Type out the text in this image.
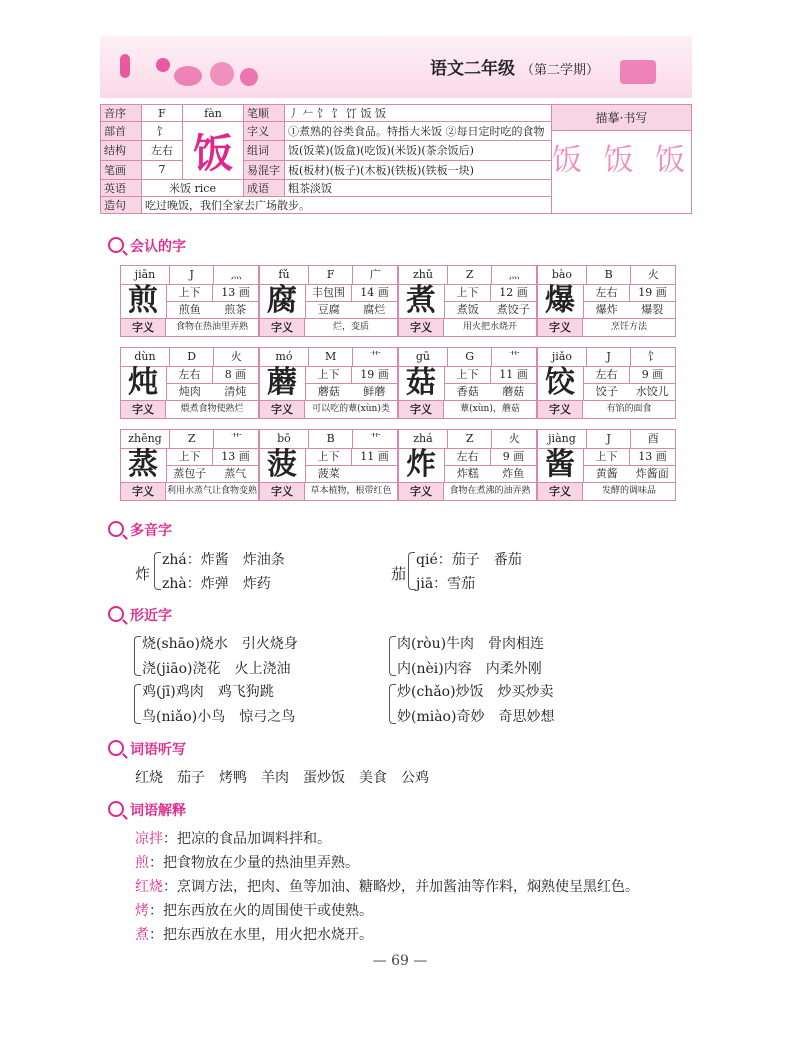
语文二年级 （第二学期）
音序	F	fàn	笔顺	丿 𠂉 饣 饣 饤 饭 饭	描摹·书写
饭 饭 饭

部首	饣	饭	字义	①煮熟的谷类食品。特指大米饭 ②每日定时吃的食物	
结构	左右		组词	饭(饭菜)(饭盒)(吃饭)(米饭)(茶余饭后)	
笔画	7		易混字	板(板材)(板子)(木板)(铁板)(铁板一块)	
英语	米饭 rice		成语	粗茶淡饭	
造句	吃过晚饭，我们全家去广场散步。				
会认的字
jiān	J	灬
煎	上下	13 画
煎鱼	煎茶
字义	食物在热油里弄熟
fǔ	F	广
腐	丰包围	14 画
豆腐	腐烂
字义	烂，变质
zhǔ	Z	灬
煮	上下	12 画
煮饭	煮饺子
字义	用火把水烧开
bào	B	火
爆	左右	19 画
爆炸	爆裂
字义	烹饪方法
dùn	D	火
炖	左右	8 画
炖肉	清炖
字义	煨煮食物使熟烂
mó	M	艹
蘑	上下	19 画
蘑菇	鲜蘑
字义	可以吃的蕈(xùn)类
gū	G	艹
菇	上下	11 画
香菇	蘑菇
字义	蕈(xùn)，蘑菇
jiǎo	J	饣
饺	左右	9 画
饺子	水饺儿
字义	有馅的面食
zhēng	Z	艹
蒸	上下	13 画
蒸包子	蒸气
字义	利用水蒸气让食物变熟
bō	B	艹
菠	上下	11 画
菠菜
字义	草本植物，根带红色
zhá	Z	火
炸	左右	9 画
炸糕	炸鱼
字义	食物在煮沸的油弄熟
jiàng	J	酉
酱	上下	13 画
黄酱	炸酱面
字义	发酵的调味品
多音字
炸
zhá：炸酱　炸油条
zhà：炸弹　炸药
茄
qié：茄子　番茄
jiā：雪茄
形近字
烧(shāo)烧水　引火烧身
浇(jiāo)浇花　火上浇油
鸡(jī)鸡肉　鸡飞狗跳
鸟(niǎo)小鸟　惊弓之鸟
肉(ròu)牛肉　骨肉相连
内(nèi)内容　内柔外刚
炒(chǎo)炒饭　炒买炒卖
妙(miào)奇妙　奇思妙想
词语听写
红烧　茄子　烤鸭　羊肉　蛋炒饭　美食　公鸡
词语解释
凉拌：把凉的食品加调料拌和。
煎：把食物放在少量的热油里弄熟。
红烧：烹调方法，把肉、鱼等加油、糖略炒，并加酱油等作料，焖熟使呈黑红色。
烤：把东西放在火的周围使干或使熟。
煮：把东西放在水里，用火把水烧开。
— 69 —
